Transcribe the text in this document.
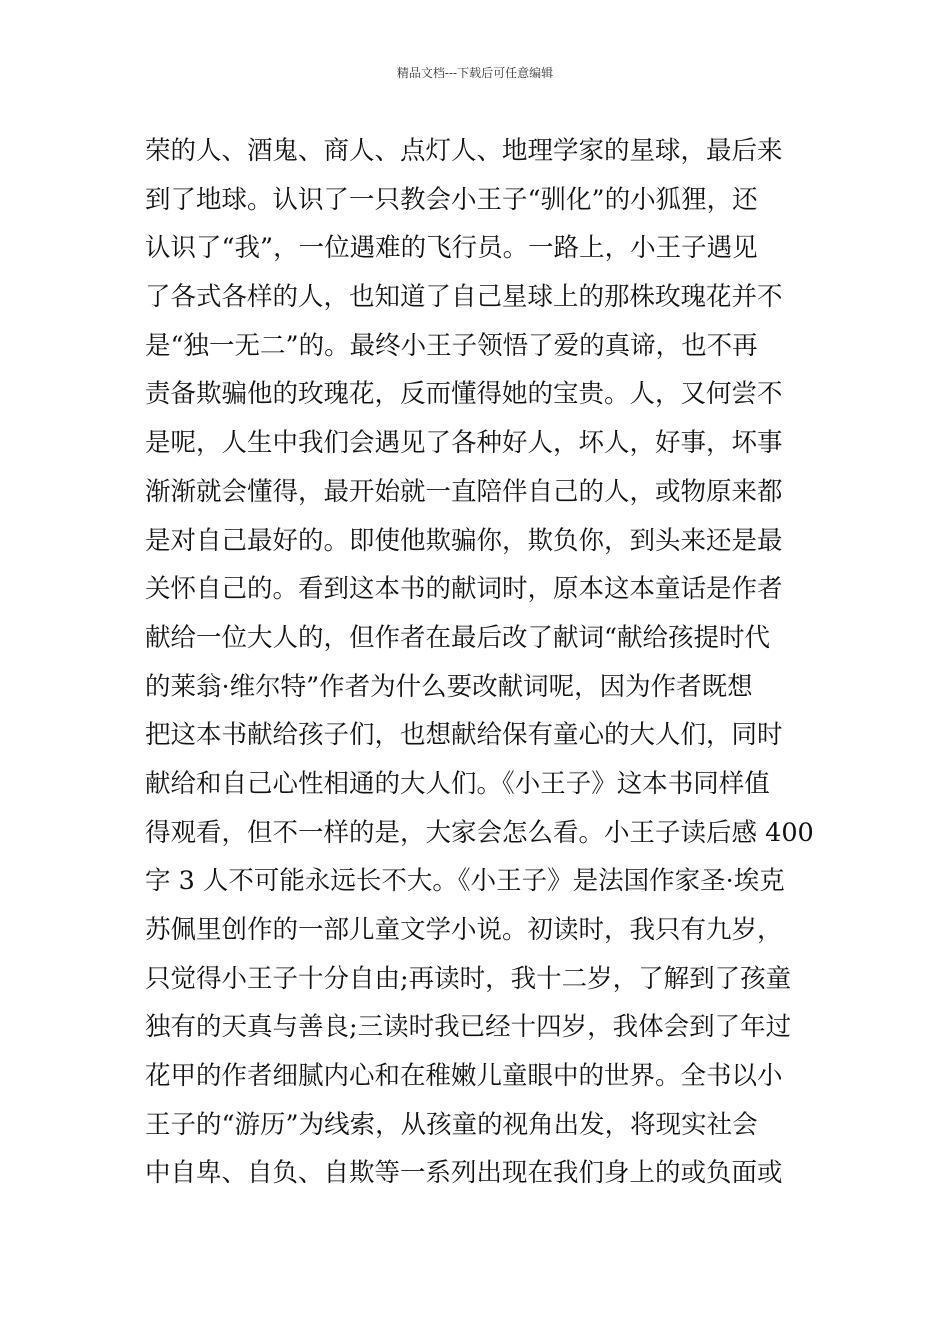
精品文档---下载后可任意编辑
荣的人、酒鬼、商人、点灯人、地理学家的星球，最后来
到了地球。认识了一只教会小王子“驯化”的小狐狸，还
认识了“我”，一位遇难的飞行员。一路上，小王子遇见
了各式各样的人，也知道了自己星球上的那株玫瑰花并不
是“独一无二”的。最终小王子领悟了爱的真谛，也不再
责备欺骗他的玫瑰花，反而懂得她的宝贵。人，又何尝不
是呢，人生中我们会遇见了各种好人，坏人，好事，坏事
渐渐就会懂得，最开始就一直陪伴自己的人，或物原来都
是对自己最好的。即使他欺骗你，欺负你，到头来还是最
关怀自己的。看到这本书的献词时，原本这本童话是作者
献给一位大人的，但作者在最后改了献词“献给孩提时代
的莱翁·维尔特”作者为什么要改献词呢，因为作者既想
把这本书献给孩子们，也想献给保有童心的大人们，同时
献给和自己心性相通的大人们。《小王子》这本书同样值
得观看，但不一样的是，大家会怎么看。小王子读后感 400
字 3 人不可能永远长不大。《小王子》是法国作家圣·埃克
苏佩里创作的一部儿童文学小说。初读时，我只有九岁，
只觉得小王子十分自由;再读时，我十二岁，了解到了孩童
独有的天真与善良;三读时我已经十四岁，我体会到了年过
花甲的作者细腻内心和在稚嫩儿童眼中的世界。全书以小
王子的“游历”为线索，从孩童的视角出发，将现实社会
中自卑、自负、自欺等一系列出现在我们身上的或负面或
